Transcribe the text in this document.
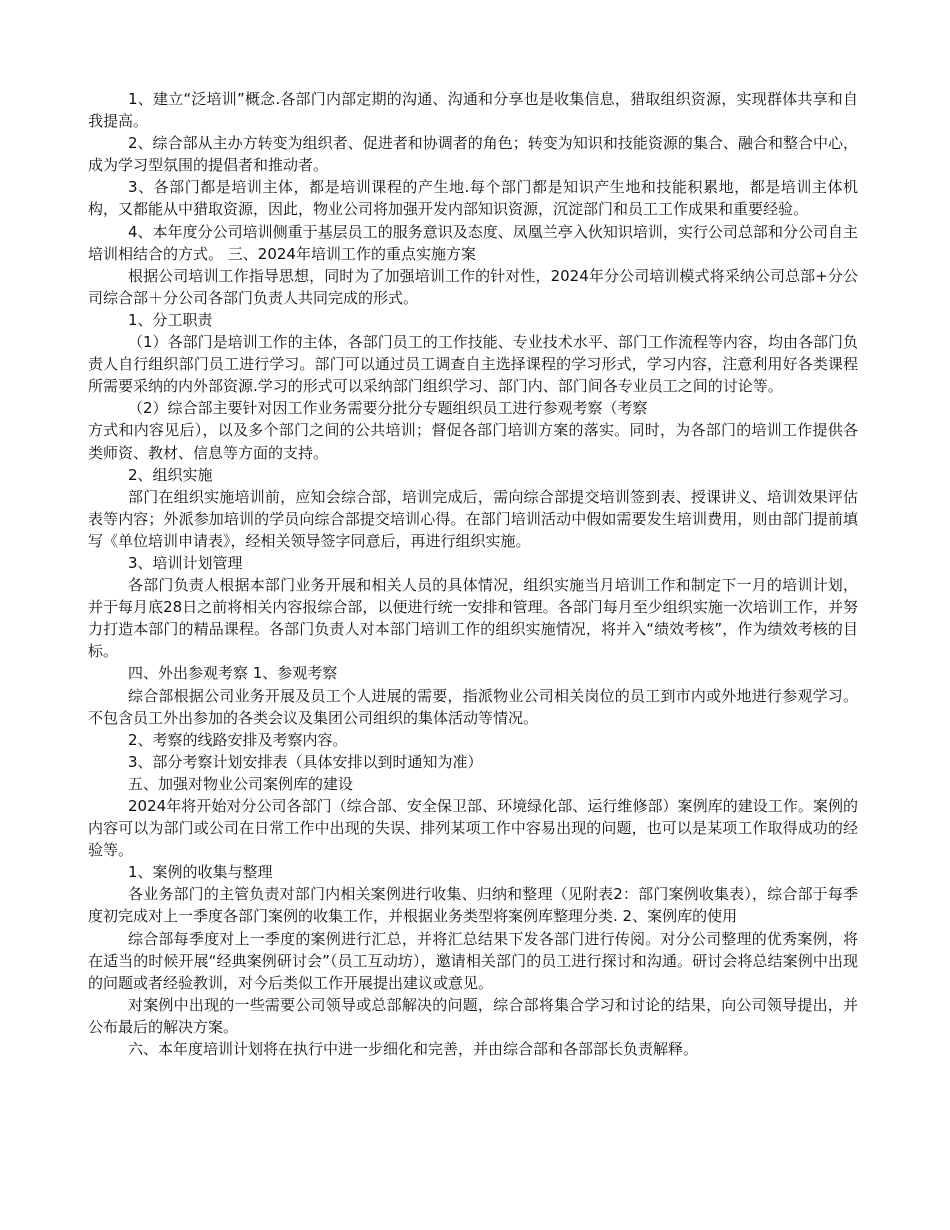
1、建立“泛培训”概念.各部门内部定期的沟通、沟通和分享也是收集信息，猎取组织资源，实现群体共享和自我提高。

2、综合部从主办方转变为组织者、促进者和协调者的角色；转变为知识和技能资源的集合、融合和整合中心，成为学习型氛围的提倡者和推动者。

3、各部门都是培训主体，都是培训课程的产生地.每个部门都是知识产生地和技能积累地，都是培训主体机构，又都能从中猎取资源，因此，物业公司将加强开发内部知识资源，沉淀部门和员工工作成果和重要经验。

4、本年度分公司培训侧重于基层员工的服务意识及态度、凤凰兰亭入伙知识培训，实行公司总部和分公司自主培训相结合的方式。 三、2024年培训工作的重点实施方案

根据公司培训工作指导思想，同时为了加强培训工作的针对性，2024年分公司培训模式将采纳公司总部+分公司综合部＋分公司各部门负责人共同完成的形式。

1、分工职责

（1）各部门是培训工作的主体，各部门员工的工作技能、专业技术水平、部门工作流程等内容，均由各部门负责人自行组织部门员工进行学习。部门可以通过员工调查自主选择课程的学习形式，学习内容，注意利用好各类课程所需要采纳的内外部资源.学习的形式可以采纳部门组织学习、部门内、部门间各专业员工之间的讨论等。

（2）综合部主要针对因工作业务需要分批分专题组织员工进行参观考察（考察

方式和内容见后），以及多个部门之间的公共培训；督促各部门培训方案的落实。同时，为各部门的培训工作提供各类师资、教材、信息等方面的支持。

2、组织实施

部门在组织实施培训前，应知会综合部，培训完成后，需向综合部提交培训签到表、授课讲义、培训效果评估表等内容；外派参加培训的学员向综合部提交培训心得。在部门培训活动中假如需要发生培训费用，则由部门提前填写《单位培训申请表》，经相关领导签字同意后，再进行组织实施。

3、培训计划管理

各部门负责人根据本部门业务开展和相关人员的具体情况，组织实施当月培训工作和制定下一月的培训计划，并于每月底28日之前将相关内容报综合部，以便进行统一安排和管理。各部门每月至少组织实施一次培训工作，并努力打造本部门的精品课程。各部门负责人对本部门培训工作的组织实施情况，将并入“绩效考核”，作为绩效考核的目标。

四、外出参观考察 1、参观考察

综合部根据公司业务开展及员工个人进展的需要，指派物业公司相关岗位的员工到市内或外地进行参观学习。不包含员工外出参加的各类会议及集团公司组织的集体活动等情况。

2、考察的线路安排及考察内容。

3、部分考察计划安排表（具体安排以到时通知为准）

五、加强对物业公司案例库的建设

2024年将开始对分公司各部门（综合部、安全保卫部、环境绿化部、运行维修部）案例库的建设工作。案例的内容可以为部门或公司在日常工作中出现的失误、排列某项工作中容易出现的问题，也可以是某项工作取得成功的经验等。

1、案例的收集与整理

各业务部门的主管负责对部门内相关案例进行收集、归纳和整理（见附表2：部门案例收集表），综合部于每季度初完成对上一季度各部门案例的收集工作，并根据业务类型将案例库整理分类. 2、案例库的使用

综合部每季度对上一季度的案例进行汇总，并将汇总结果下发各部门进行传阅。对分公司整理的优秀案例，将在适当的时候开展“经典案例研讨会”（员工互动坊），邀请相关部门的员工进行探讨和沟通。研讨会将总结案例中出现的问题或者经验教训，对今后类似工作开展提出建议或意见。

对案例中出现的一些需要公司领导或总部解决的问题，综合部将集合学习和讨论的结果，向公司领导提出，并公布最后的解决方案。

六、本年度培训计划将在执行中进一步细化和完善，并由综合部和各部部长负责解释。
